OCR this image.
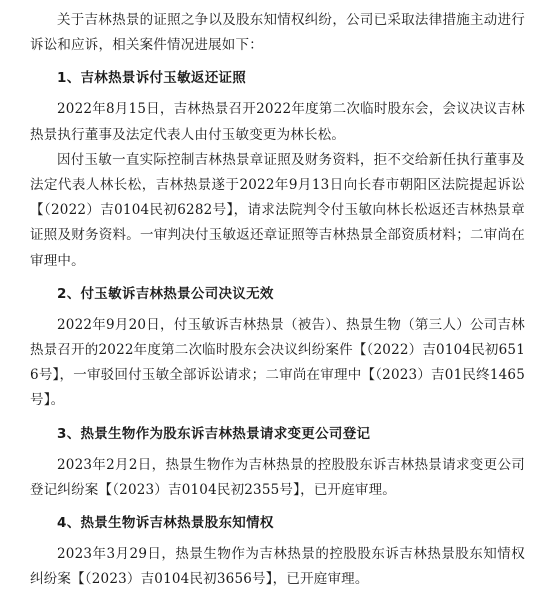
关于吉林热景的证照之争以及股东知情权纠纷，公司已采取法律措施主动进行诉讼和应诉，相关案件情况进展如下：

1、吉林热景诉付玉敏返还证照

2022年8月15日，吉林热景召开2022年度第二次临时股东会，会议决议吉林热景执行董事及法定代表人由付玉敏变更为林长松。

因付玉敏一直实际控制吉林热景章证照及财务资料，拒不交给新任执行董事及法定代表人林长松，吉林热景遂于2022年9月13日向长春市朝阳区法院提起诉讼【（2022）吉0104民初6282号】，请求法院判令付玉敏向林长松返还吉林热景章证照及财务资料。一审判决付玉敏返还章证照等吉林热景全部资质材料；二审尚在审理中。

2、付玉敏诉吉林热景公司决议无效

2022年9月20日，付玉敏诉吉林热景（被告）、热景生物（第三人）公司吉林热景召开的2022年度第二次临时股东会决议纠纷案件【（2022）吉0104民初6516号】，一审驳回付玉敏全部诉讼请求；二审尚在审理中【（2023）吉01民终1465号】。

3、热景生物作为股东诉吉林热景请求变更公司登记

2023年2月2日，热景生物作为吉林热景的控股股东诉吉林热景请求变更公司登记纠纷案【（2023）吉0104民初2355号】，已开庭审理。

4、热景生物诉吉林热景股东知情权

2023年3月29日，热景生物作为吉林热景的控股股东诉吉林热景股东知情权纠纷案【（2023）吉0104民初3656号】，已开庭审理。
